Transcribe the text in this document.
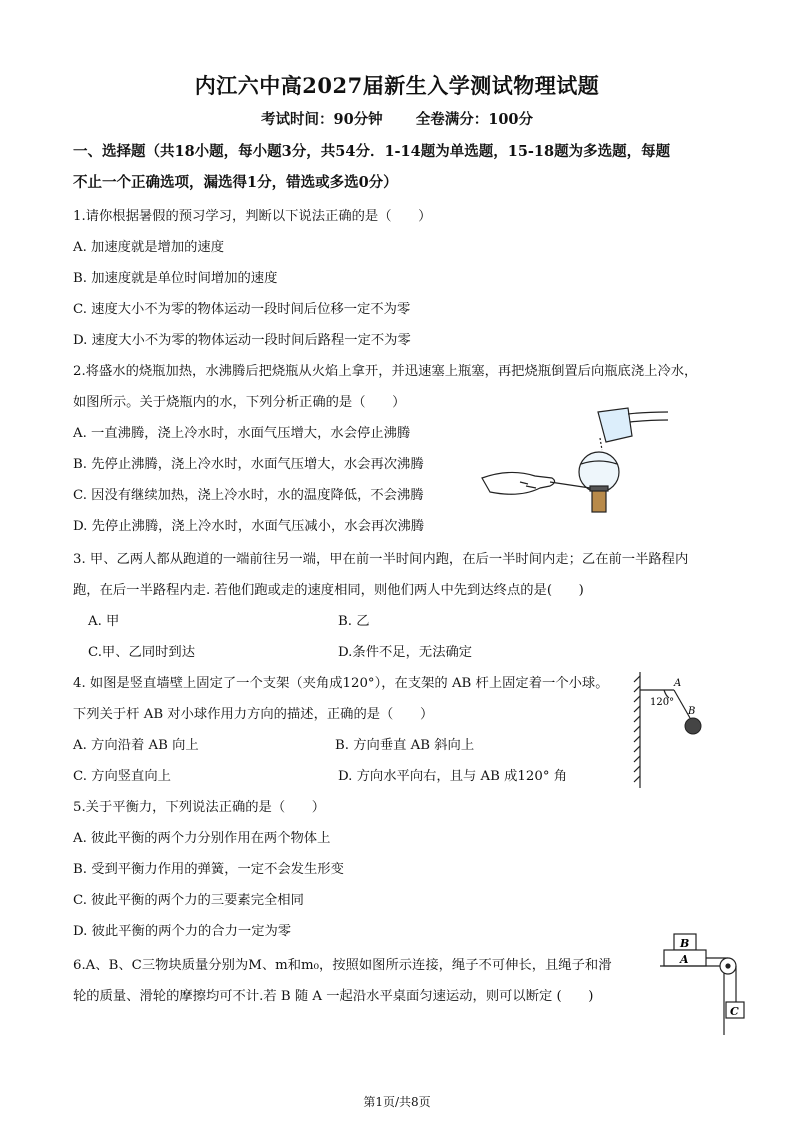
内江六中高2027届新生入学测试物理试题
考试时间：90分钟 全卷满分：100分
一、选择题（共18小题，每小题3分，共54分．1-14题为单选题，15-18题为多选题，每题
不止一个正确选项，漏选得1分，错选或多选0分）
1.请你根据暑假的预习学习，判断以下说法正确的是（　　）
A. 加速度就是增加的速度
B. 加速度就是单位时间增加的速度
C. 速度大小不为零的物体运动一段时间后位移一定不为零
D. 速度大小不为零的物体运动一段时间后路程一定不为零
2.将盛水的烧瓶加热，水沸腾后把烧瓶从火焰上拿开，并迅速塞上瓶塞，再把烧瓶倒置后向瓶底浇上冷水，
如图所示。关于烧瓶内的水，下列分析正确的是（　　）
A. 一直沸腾，浇上冷水时，水面气压增大，水会停止沸腾
B. 先停止沸腾，浇上冷水时，水面气压增大，水会再次沸腾
C. 因没有继续加热，浇上冷水时，水的温度降低，不会沸腾
D. 先停止沸腾，浇上冷水时，水面气压减小，水会再次沸腾
3. 甲、乙两人都从跑道的一端前往另一端，甲在前一半时间内跑，在后一半时间内走；乙在前一半路程内
跑，在后一半路程内走. 若他们跑或走的速度相同，则他们两人中先到达终点的是(　　)
A. 甲	B. 乙
C.甲、乙同时到达	D.条件不足，无法确定
4. 如图是竖直墙壁上固定了一个支架（夹角成120°），在支架的 AB 杆上固定着一个小球。
下列关于杆 AB 对小球作用力方向的描述，正确的是（　　）
A. 方向沿着 AB 向上	B. 方向垂直 AB 斜向上
C. 方向竖直向上	D. 方向水平向右，且与 AB 成120° 角
120°
A
B
5.关于平衡力，下列说法正确的是（　　）
A. 彼此平衡的两个力分别作用在两个物体上
B. 受到平衡力作用的弹簧，一定不会发生形变
C. 彼此平衡的两个力的三要素完全相同
D. 彼此平衡的两个力的合力一定为零
6.A、B、C三物块质量分别为M、m和m₀，按照如图所示连接，绳子不可伸长，且绳子和滑
轮的质量、滑轮的摩擦均可不计.若 B 随 A 一起沿水平桌面匀速运动，则可以断定 (　　)
B
A
C
第1页/共8页
